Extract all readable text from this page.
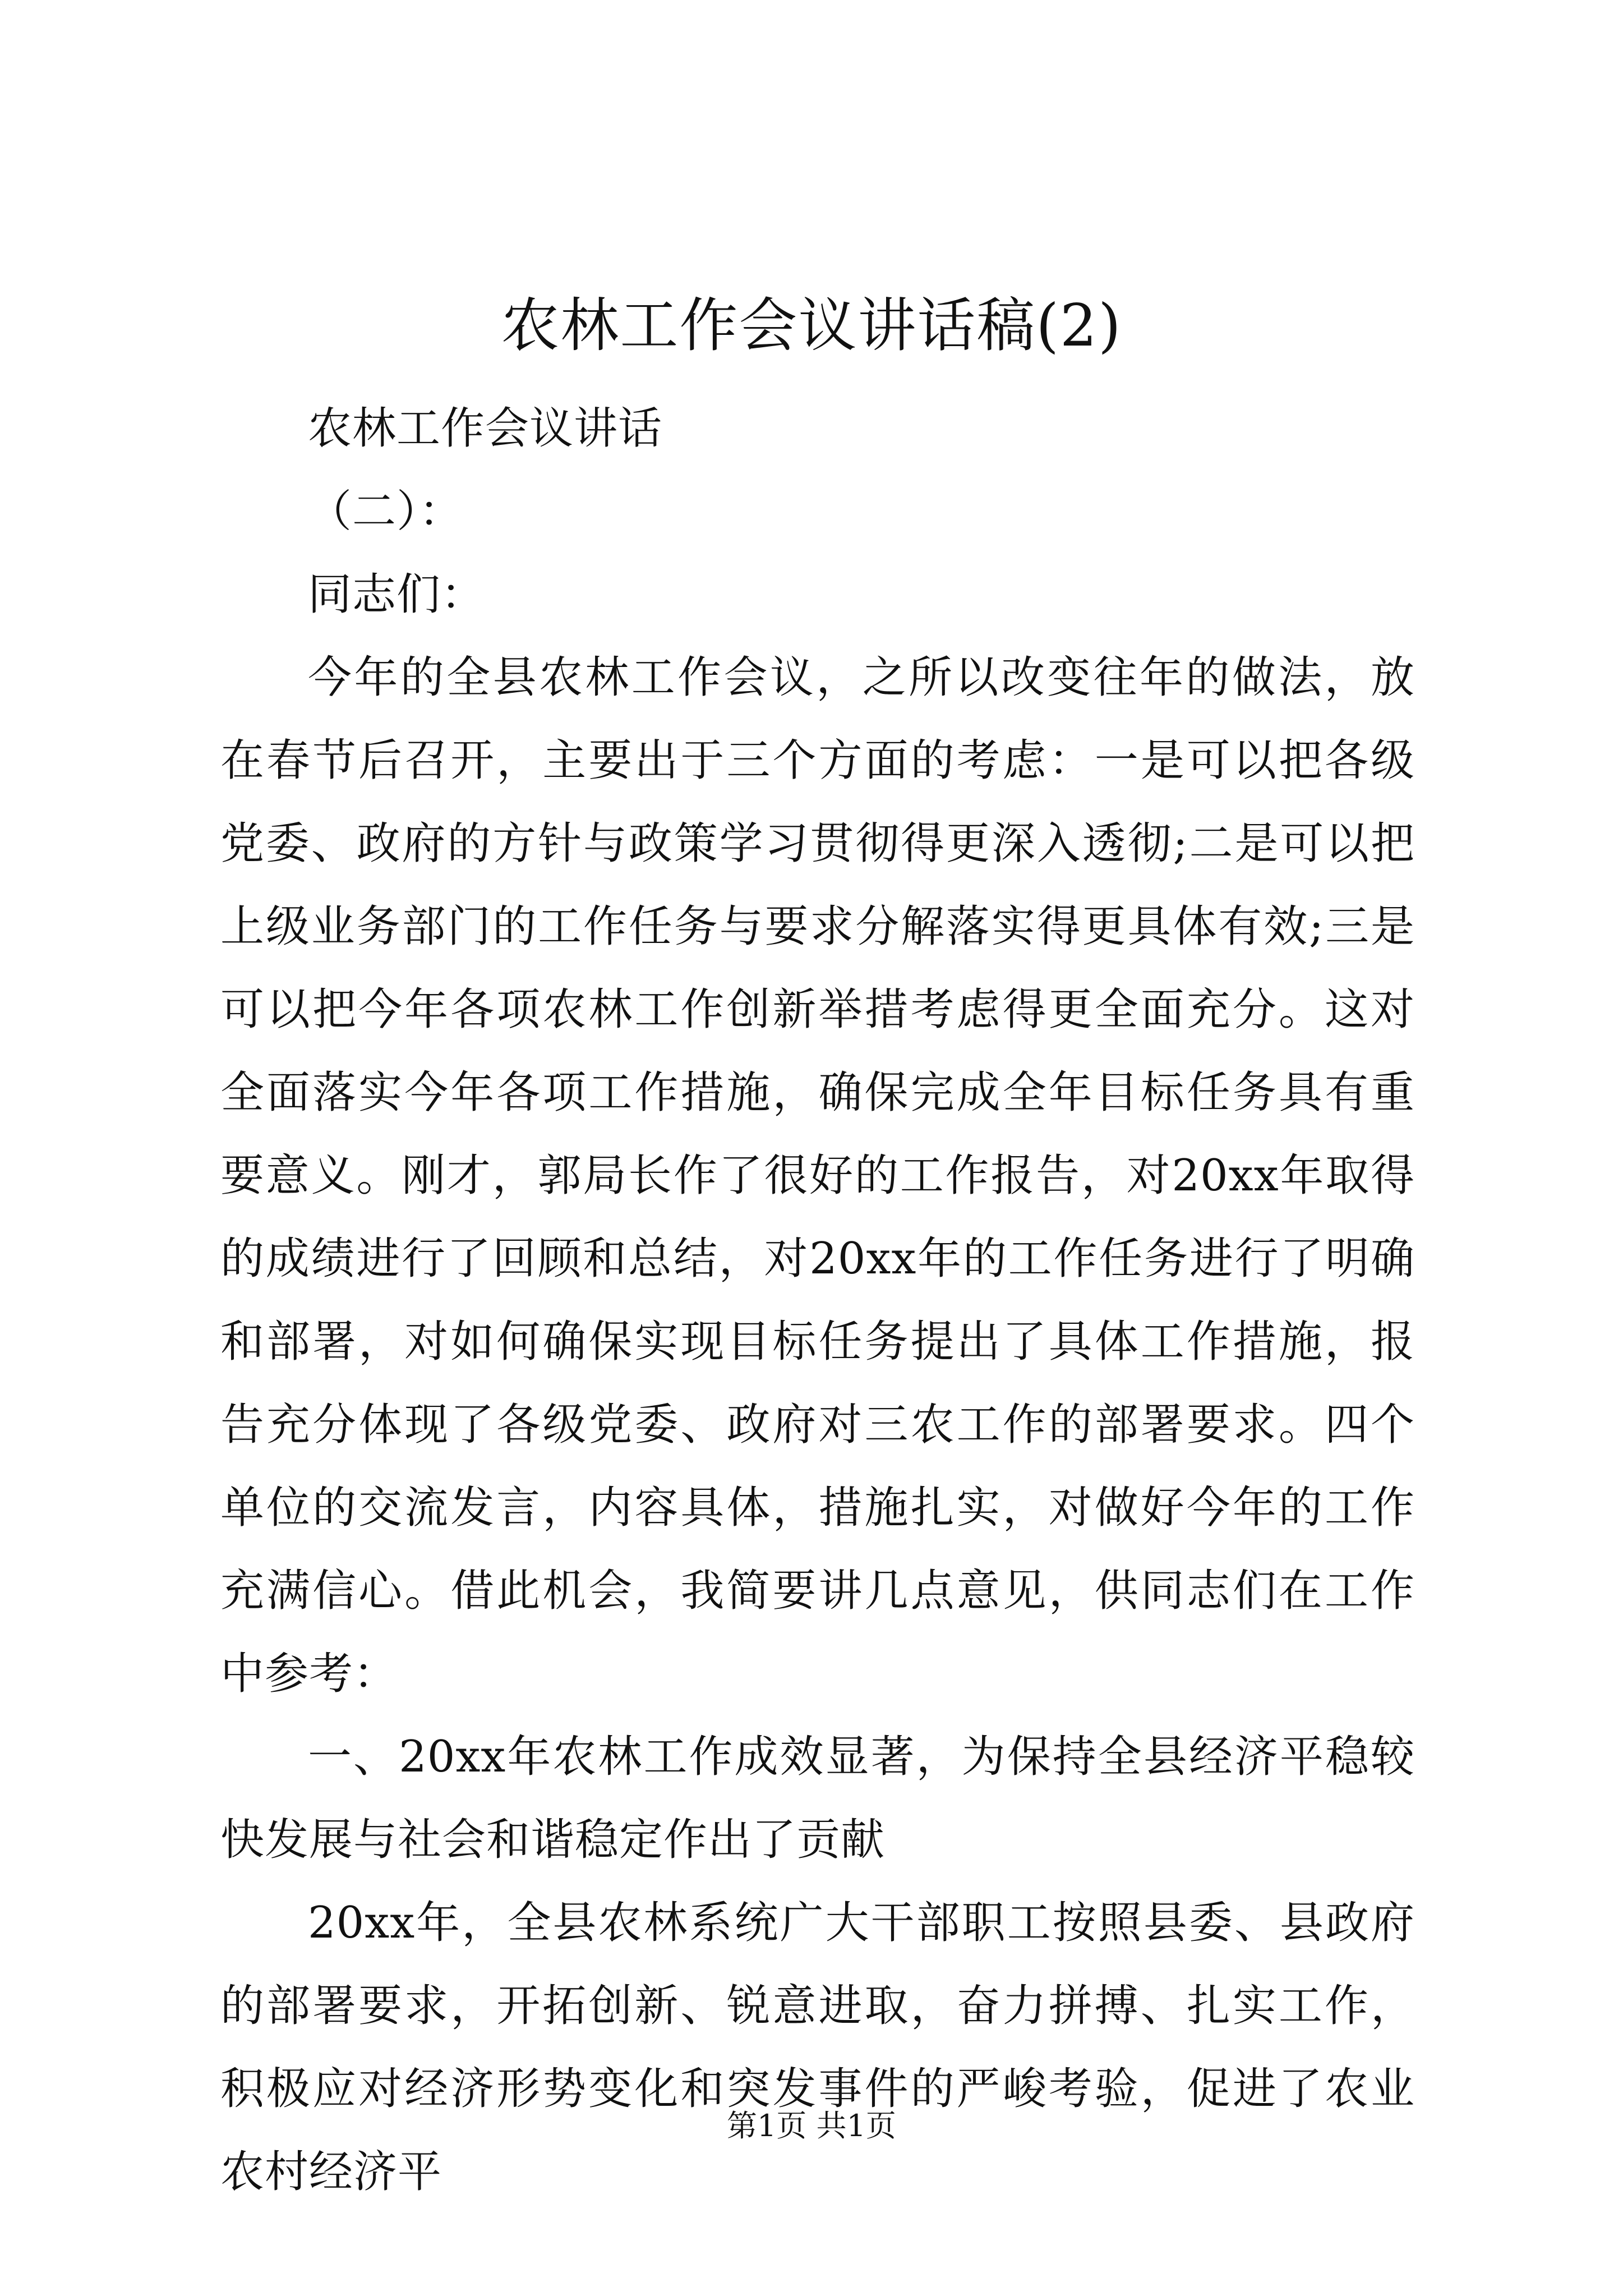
农林工作会议讲话稿(2)

农林工作会议讲话

（二）：

同志们：

今年的全县农林工作会议，之所以改变往年的做法，放在春节后召开，主要出于三个方面的考虑：一是可以把各级党委、政府的方针与政策学习贯彻得更深入透彻;二是可以把上级业务部门的工作任务与要求分解落实得更具体有效;三是可以把今年各项农林工作创新举措考虑得更全面充分。这对全面落实今年各项工作措施，确保完成全年目标任务具有重要意义。刚才，郭局长作了很好的工作报告，对20xx年取得的成绩进行了回顾和总结，对20xx年的工作任务进行了明确和部署，对如何确保实现目标任务提出了具体工作措施，报告充分体现了各级党委、政府对三农工作的部署要求。四个单位的交流发言，内容具体，措施扎实，对做好今年的工作充满信心。借此机会，我简要讲几点意见，供同志们在工作中参考：

一、20xx年农林工作成效显著，为保持全县经济平稳较快发展与社会和谐稳定作出了贡献

20xx年，全县农林系统广大干部职工按照县委、县政府的部署要求，开拓创新、锐意进取，奋力拼搏、扎实工作，积极应对经济形势变化和突发事件的严峻考验，促进了农业农村经济平

第1页 共1页
